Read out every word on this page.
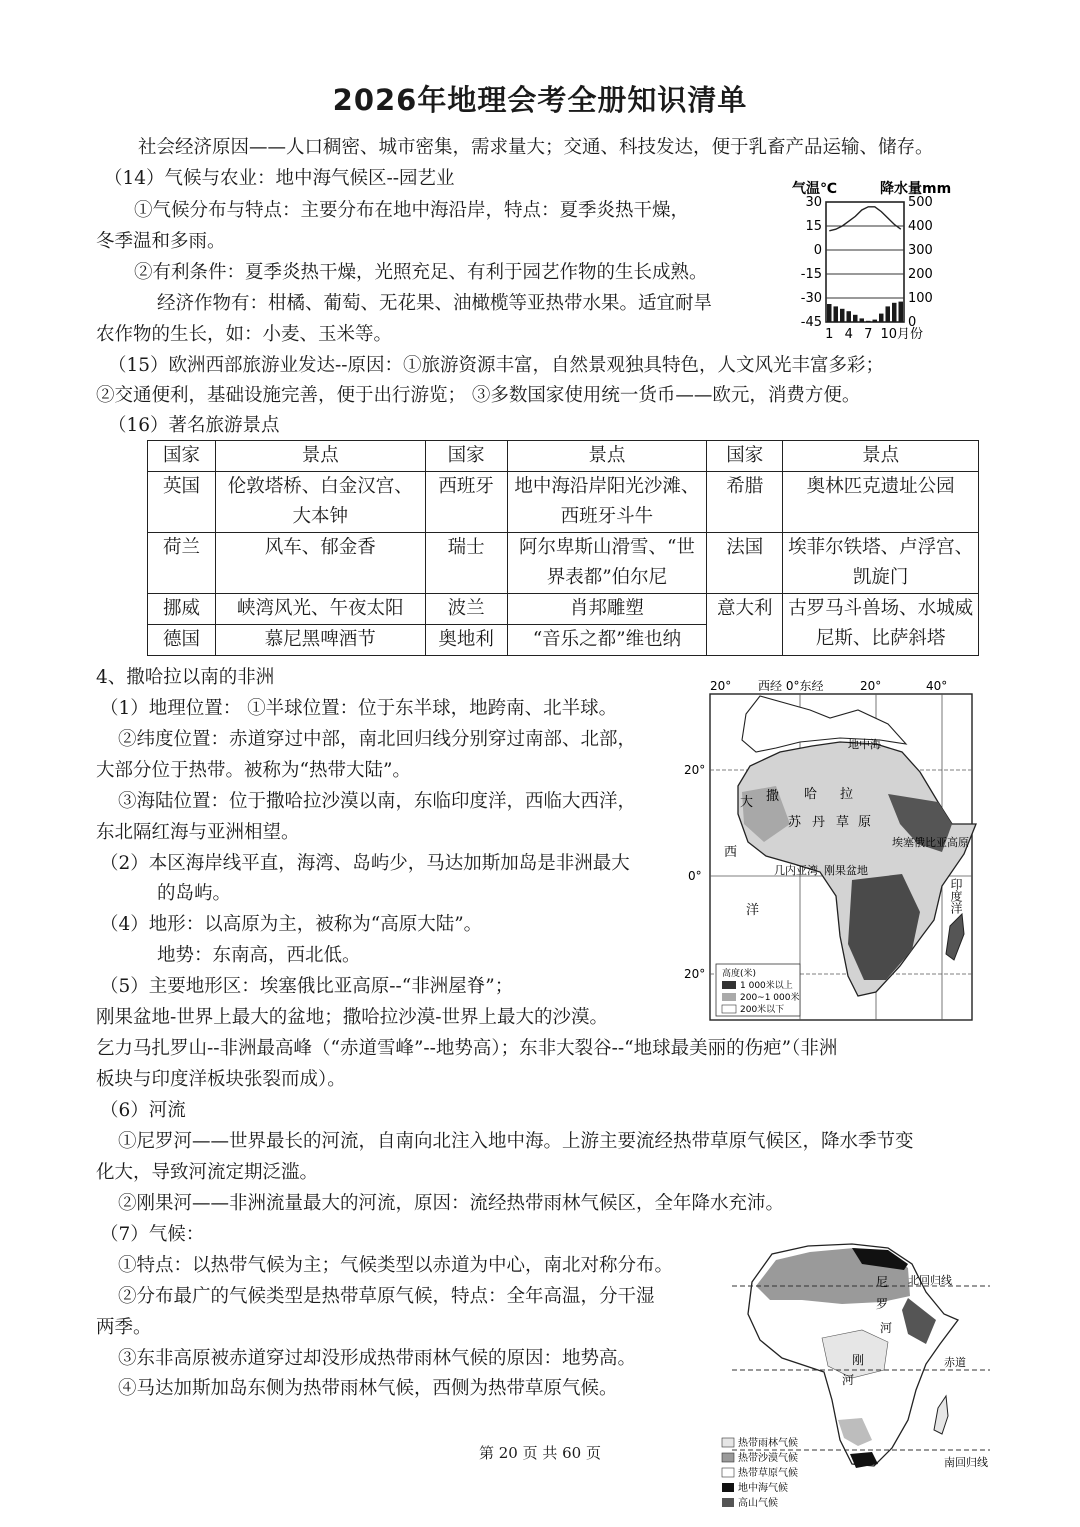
2026年地理会考全册知识清单
社会经济原因——人口稠密、城市密集，需求量大；交通、科技发达，便于乳畜产品运输、储存。
（14）气候与农业：地中海气候区--园艺业
①气候分布与特点：主要分布在地中海沿岸，特点：夏季炎热干燥，
冬季温和多雨。
②有利条件：夏季炎热干燥，光照充足、有利于园艺作物的生长成熟。
经济作物有：柑橘、葡萄、无花果、油橄榄等亚热带水果。适宜耐旱
农作物的生长，如：小麦、玉米等。
（15）欧洲西部旅游业发达--原因：①旅游资源丰富，自然景观独具特色，人文风光丰富多彩；
②交通便利，基础设施完善，便于出行游览； ③多数国家使用统一货币——欧元，消费方便。
（16）著名旅游景点
气温℃	降水量mm
30
15
0
-15
-30
-45
500
400
300
200
100
0
1 4 7 10月份
国家	景点	国家	景点	国家	景点
英国	伦敦塔桥、白金汉宫、大本钟	西班牙	地中海沿岸阳光沙滩、西班牙斗牛	希腊	奥林匹克遗址公园
荷兰	风车、郁金香	瑞士	阿尔卑斯山滑雪、“世界表都”伯尔尼	法国	埃菲尔铁塔、卢浮宫、凯旋门
挪威	峡湾风光、午夜太阳	波兰	肖邦雕塑	意大利	古罗马斗兽场、水城威尼斯、比萨斜塔
德国	慕尼黑啤酒节	奥地利	“音乐之都”维也纳		
4、撒哈拉以南的非洲
（1）地理位置： ①半球位置：位于东半球，地跨南、北半球。
②纬度位置：赤道穿过中部，南北回归线分别穿过南部、北部，
大部分位于热带。被称为“热带大陆”。
③海陆位置：位于撒哈拉沙漠以南，东临印度洋，西临大西洋，
东北隔红海与亚洲相望。
（2）本区海岸线平直，海湾、岛屿少，马达加斯加岛是非洲最大
的岛屿。
（4）地形：以高原为主，被称为“高原大陆”。
地势：东南高，西北低。
（5）主要地形区：埃塞俄比亚高原--“非洲屋脊”；
刚果盆地-世界上最大的盆地；撒哈拉沙漠-世界上最大的沙漠。
乞力马扎罗山--非洲最高峰（“赤道雪峰”--地势高）；东非大裂谷--“地球最美丽的伤疤”（非洲
板块与印度洋板块张裂而成）。
（6）河流
①尼罗河——世界最长的河流，自南向北注入地中海。上游主要流经热带草原气候区，降水季节变
化大，导致河流定期泛滥。
②刚果河——非洲流量最大的河流，原因：流经热带雨林气候区，全年降水充沛。
（7）气候：
①特点：以热带气候为主；气候类型以赤道为中心，南北对称分布。
②分布最广的气候类型是热带草原气候，特点：全年高温，分干湿
两季。
③东非高原被赤道穿过却没形成热带雨林气候的原因：地势高。
④马达加斯加岛东侧为热带雨林气候，西侧为热带草原气候。
20° 西经 0°东经	20°	40°
20°
0°
20°
地中海
撒 哈 拉
大
苏 丹 草 原
埃塞俄比亚高原
西
几内亚湾 刚果盆地
洋	印度洋
高度(米)
1 000米以上
200~1 000米
200米以下
尼
罗
河
北回归线
刚
河
赤道
南回归线
热带雨林气候
热带沙漠气候
热带草原气候
地中海气候
高山气候
第 20 页 共 60 页
